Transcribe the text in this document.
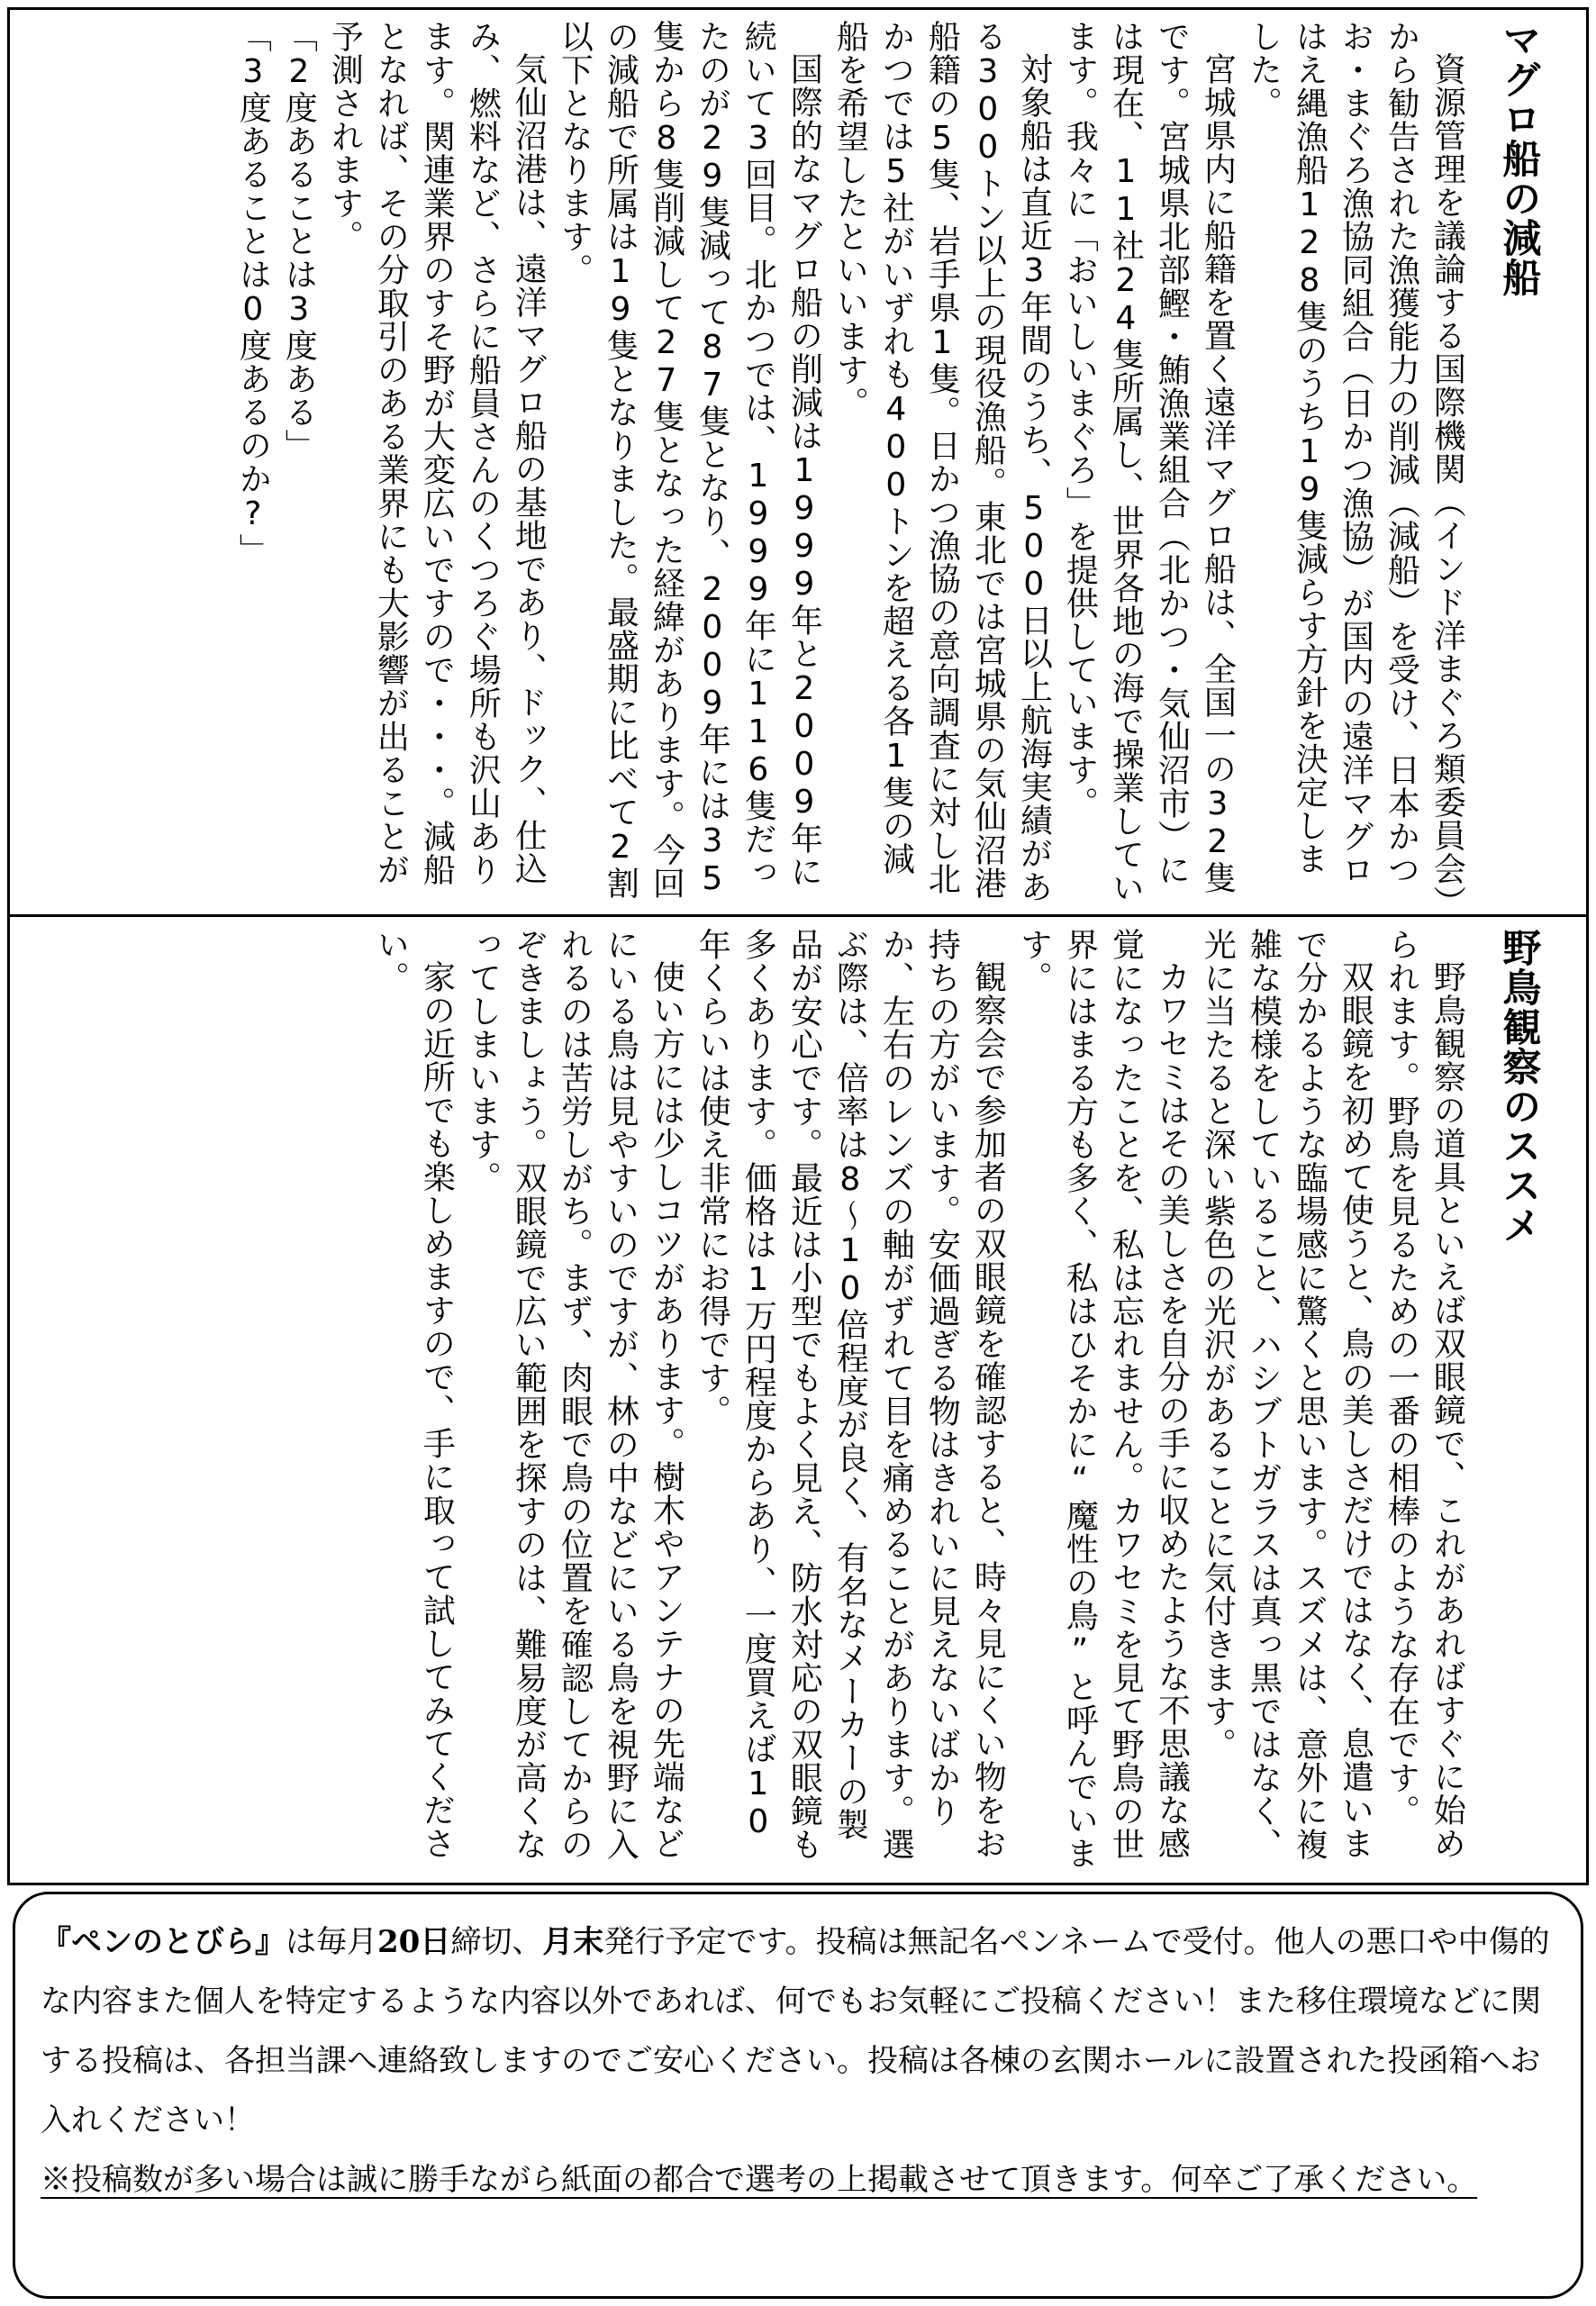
マグロ船の減船

資源管理を議論する国際機関（インド洋まぐろ類委員会）から勧告された漁獲能力の削減（減船）を受け、日本かつお・まぐろ漁協同組合（日かつ漁協）が国内の遠洋マグロはえ縄漁船128隻のうち19隻減らす方針を決定しました。

宮城県内に船籍を置く遠洋マグロ船は、全国一の32隻です。宮城県北部鰹・鮪漁業組合（北かつ・気仙沼市）には現在、11社24隻所属し、世界各地の海で操業しています。我々に「おいしいまぐろ」を提供しています。

対象船は直近3年間のうち、500日以上航海実績がある300トン以上の現役漁船。東北では宮城県の気仙沼港船籍の5隻、岩手県1隻。日かつ漁協の意向調査に対し北かつでは5社がいずれも400トンを超える各1隻の減船を希望したといいます。

国際的なマグロ船の削減は1999年と2009年に続いて3回目。北かつでは、1999年に116隻だったのが29隻減って87隻となり、2009年には35隻から8隻削減して27隻となった経緯があります。今回の減船で所属は19隻となりました。最盛期に比べて2割以下となります。

気仙沼港は、遠洋マグロ船の基地であり、ドック、仕込み、燃料など、さらに船員さんのくつろぐ場所も沢山あります。関連業界のすそ野が大変広いですので・・・。減船となれば、その分取引のある業界にも大影響が出ることが予測されます。

「2度あることは3度ある」

「3度あることは0度あるのか?」

野鳥観察のススメ

野鳥観察の道具といえば双眼鏡で、これがあればすぐに始められます。野鳥を見るための一番の相棒のような存在です。

双眼鏡を初めて使うと、鳥の美しさだけではなく、息遣いまで分かるような臨場感に驚くと思います。スズメは、意外に複雑な模様をしていること、ハシブトガラスは真っ黒ではなく、光に当たると深い紫色の光沢があることに気付きます。

カワセミはその美しさを自分の手に収めたような不思議な感覚になったことを、私は忘れません。カワセミを見て野鳥の世界にはまる方も多く、私はひそかに“魔性の鳥”と呼んでいます。

観察会で参加者の双眼鏡を確認すると、時々見にくい物をお持ちの方がいます。安価過ぎる物はきれいに見えないばかりか、左右のレンズの軸がずれて目を痛めることがあります。選ぶ際は、倍率は8～10倍程度が良く、有名なメーカーの製品が安心です。最近は小型でもよく見え、防水対応の双眼鏡も多くあります。価格は1万円程度からあり、一度買えば10年くらいは使え非常にお得です。

使い方には少しコツがあります。樹木やアンテナの先端などにいる鳥は見やすいのですが、林の中などにいる鳥を視野に入れるのは苦労しがち。まず、肉眼で鳥の位置を確認してからのぞきましょう。双眼鏡で広い範囲を探すのは、難易度が高くなってしまいます。

家の近所でも楽しめますので、手に取って試してみてください。

『ペンのとびら』は毎月20日締切、月末発行予定です。投稿は無記名ペンネームで受付。他人の悪口や中傷的な内容また個人を特定するような内容以外であれば、何でもお気軽にご投稿ください！また移住環境などに関する投稿は、各担当課へ連絡致しますのでご安心ください。投稿は各棟の玄関ホールに設置された投函箱へお入れください！

※投稿数が多い場合は誠に勝手ながら紙面の都合で選考の上掲載させて頂きます。何卒ご了承ください。
